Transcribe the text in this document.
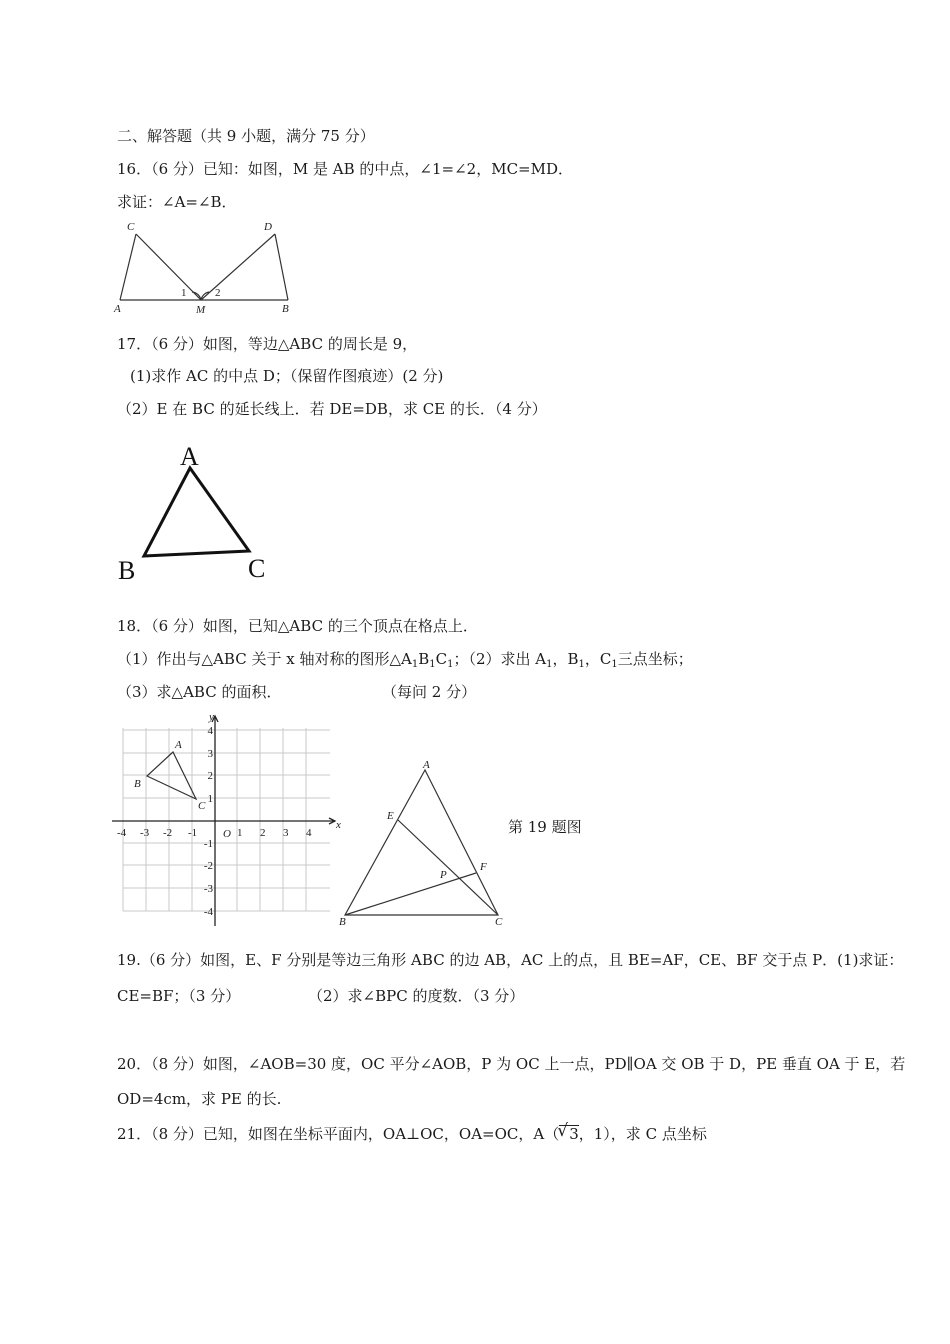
二、解答题（共 9 小题，满分 75 分）
16．（6 分）已知：如图，M 是 AB 的中点，∠1=∠2，MC=MD．
求证：∠A=∠B．
C	D
A	M	B
1	2
17．（6 分）如图，等边△ABC 的周长是 9，
(1)求作 AC 的中点 D；（保留作图痕迹）(2 分)
（2）E 在 BC 的延长线上．若 DE=DB，求 CE 的长．（4 分）
A
B	C
18．（6 分）如图，已知△ABC 的三个顶点在格点上．
（1）作出与△ABC 关于 x 轴对称的图形$\triangle A_1B_1C_1$；（2）求出 $A_1$，$B_1$，$C_1$三点坐标；
（3）求△ABC 的面积．	（每问 2 分）
x
y
O
A
B
C
-4 -3 -2 -1	1 2 3 4
4
3
2
1
-1
-2
-3
-4
A
E
F
P
B	C
第 19 题图
19.（6 分）如图，E、F 分别是等边三角形 ABC 的边 AB，AC 上的点，且 BE=AF，CE、BF 交于点 P．(1)求证：
CE=BF；（3 分）	（2）求∠BPC 的度数．（3 分）
20．（8 分）如图，∠AOB=30 度，OC 平分∠AOB，P 为 OC 上一点，PD∥OA 交 OB 于 D，PE 垂直 OA 于 E，若
OD=4cm，求 PE 的长.
21．（8 分）已知，如图在坐标平面内，OA⊥OC，OA=OC，A（√ 3，1），求 C 点坐标
